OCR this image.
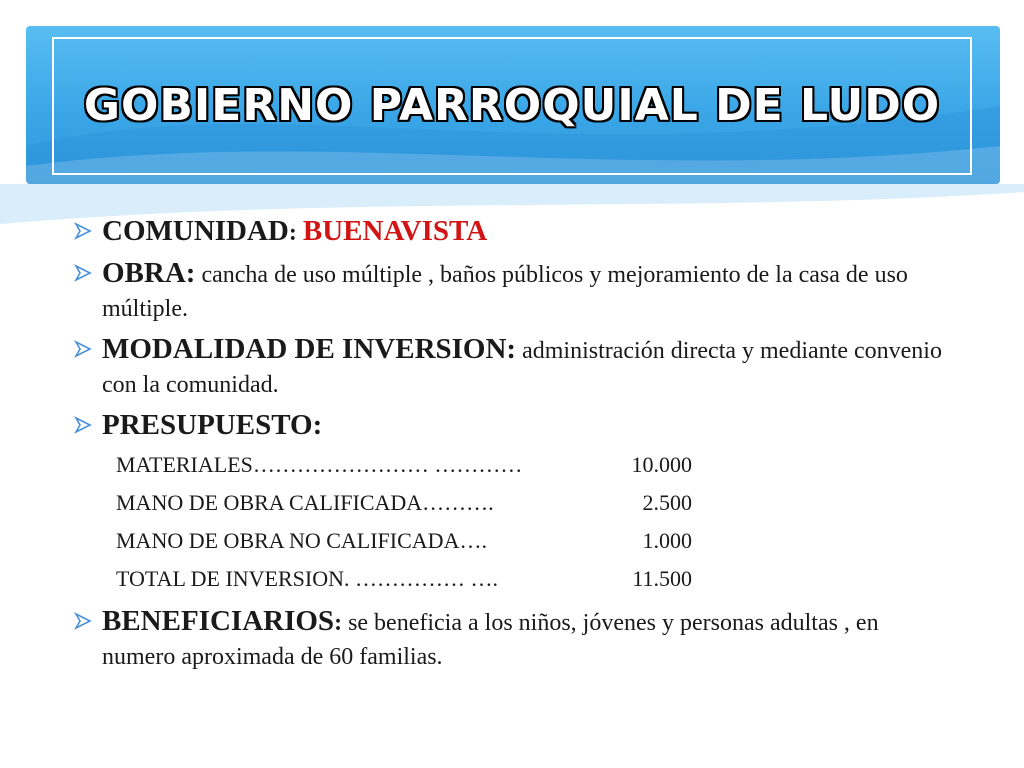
GOBIERNO PARROQUIAL DE LUDO
COMUNIDAD: BUENAVISTA
OBRA: cancha de uso múltiple , baños públicos y mejoramiento de la casa de uso múltiple.
MODALIDAD DE INVERSION: administración directa y mediante convenio con la comunidad.
PRESUPUESTO:
MATERIALES…………………… …………	10.000
MANO DE OBRA CALIFICADA……….	2.500
MANO DE OBRA NO CALIFICADA….	1.000
TOTAL DE INVERSION. …………… ….	11.500
BENEFICIARIOS: se beneficia a los niños, jóvenes y personas adultas , en numero aproximada de 60 familias.
